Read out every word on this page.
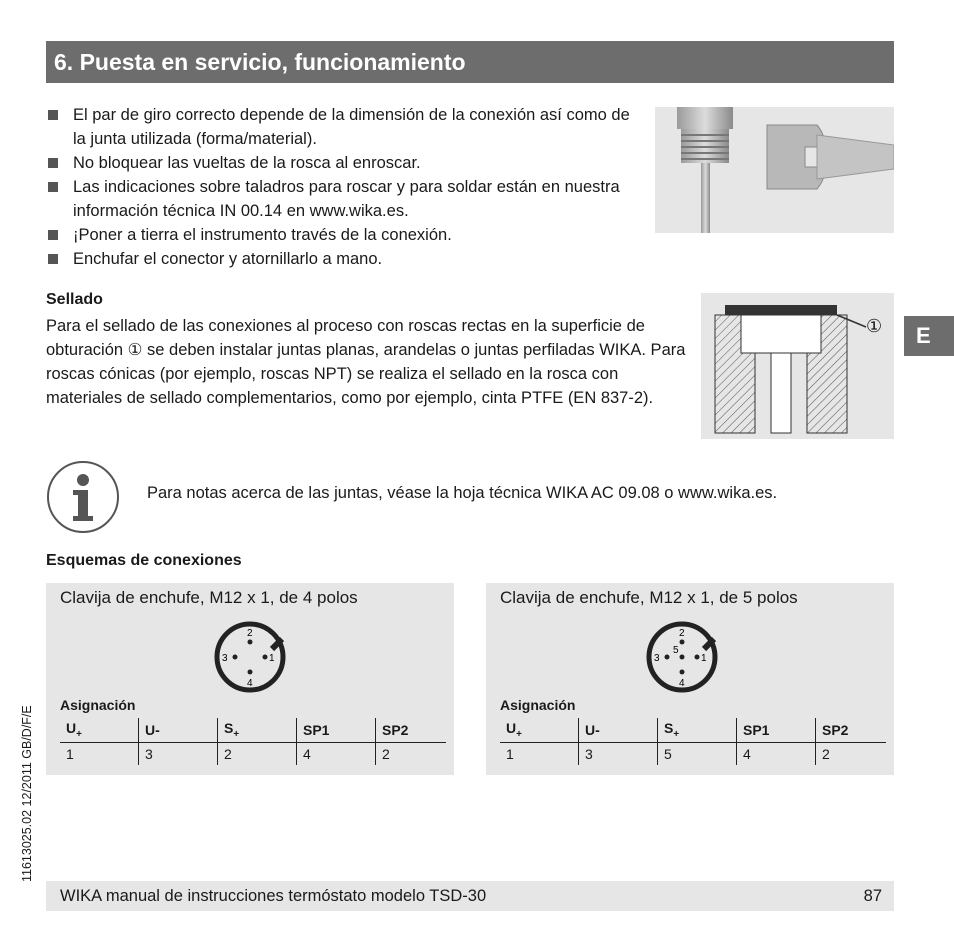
6. Puesta en servicio, funcionamiento
El par de giro correcto depende de la dimensión de la conexión así como de la junta utilizada (forma/material).
No bloquear las vueltas de la rosca al enroscar.
Las indicaciones sobre taladros para roscar y para soldar están en nuestra información técnica IN 00.14 en www.wika.es.
¡Poner a tierra el instrumento través de la conexión.
Enchufar el conector y atornillarlo a mano.
Sellado

Para el sellado de las conexiones al proceso con roscas rectas en la superficie de obturación ① se deben instalar juntas planas, arandelas o juntas perfiladas WIKA. Para roscas cónicas (por ejemplo, roscas NPT) se realiza el sellado en la rosca con materiales de sellado complementarios, como por ejemplo, cinta PTFE (EN 837-2).

①	E
Para notas acerca de las juntas, véase la hoja técnica WIKA AC 09.08 o www.wika.es.
Esquemas de conexiones
Clavija de enchufe, M12 x 1, de 4 polos
1
2
3
4
Asignación
$U_+$	U-	$S_+$	SP1	SP2
1	3	2	4	2
Clavija de enchufe, M12 x 1, de 5 polos
1
2
3
4
5
Asignación
$U_+$	U-	$S_+$	SP1	SP2
1	3	5	4	2
11613025.02 12/2011 GB/D/F/E
WIKA manual de instrucciones termóstato modelo TSD-30	87
